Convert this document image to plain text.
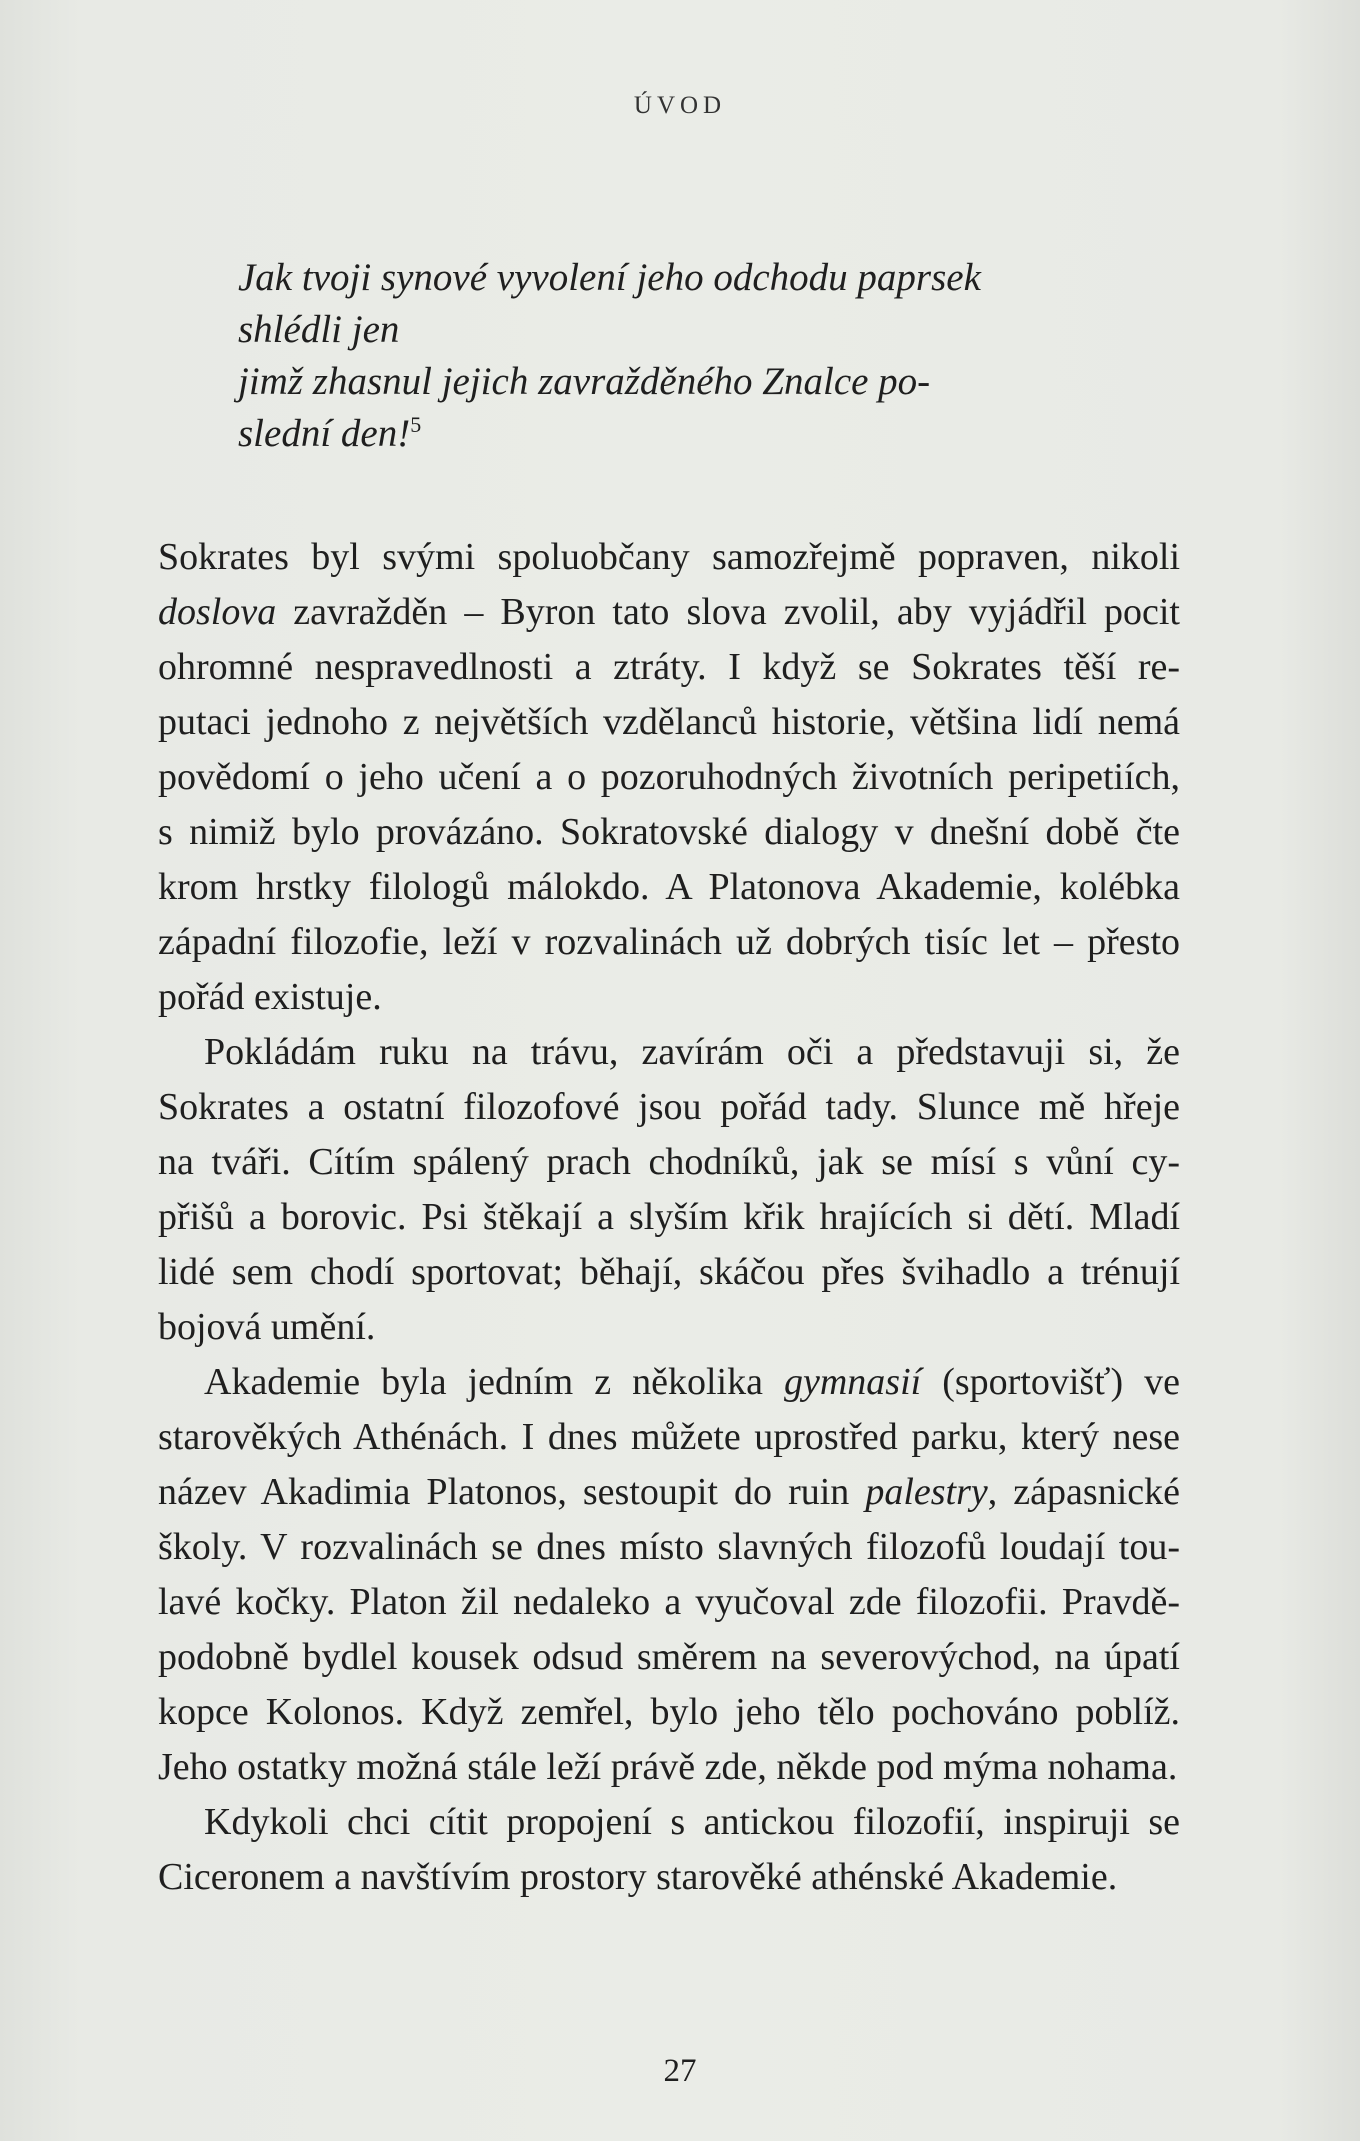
ÚVOD
Jak tvoji synové vyvolení jeho odchodu paprsek
shlédli jen
jimž zhasnul jejich zavražděného Znalce po-
slední den!$^5$

Sokrates byl svými spoluobčany samozřejmě popraven, nikoli
doslova zavražděn – Byron tato slova zvolil, aby vyjádřil pocit
ohromné nespravedlnosti a ztráty. I když se Sokrates těší re-
putaci jednoho z největších vzdělanců historie, většina lidí nemá
povědomí o jeho učení a o pozoruhodných životních peripetiích,
s nimiž bylo provázáno. Sokratovské dialogy v dnešní době čte
krom hrstky filologů málokdo. A Platonova Akademie, kolébka
západní filozofie, leží v rozvalinách už dobrých tisíc let – přesto
pořád existuje.

Pokládám ruku na trávu, zavírám oči a představuji si, že
Sokrates a ostatní filozofové jsou pořád tady. Slunce mě hřeje
na tváři. Cítím spálený prach chodníků, jak se mísí s vůní cy-
přišů a borovic. Psi štěkají a slyším křik hrajících si dětí. Mladí
lidé sem chodí sportovat; běhají, skáčou přes švihadlo a trénují
bojová umění.

Akademie byla jedním z několika gymnasií (sportovišť) ve
starověkých Athénách. I dnes můžete uprostřed parku, který nese
název Akadimia Platonos, sestoupit do ruin palestry, zápasnické
školy. V rozvalinách se dnes místo slavných filozofů loudají tou-
lavé kočky. Platon žil nedaleko a vyučoval zde filozofii. Pravdě-
podobně bydlel kousek odsud směrem na severovýchod, na úpatí
kopce Kolonos. Když zemřel, bylo jeho tělo pochováno poblíž.
Jeho ostatky možná stále leží právě zde, někde pod mýma nohama.

Kdykoli chci cítit propojení s antickou filozofií, inspiruji se
Ciceronem a navštívím prostory starověké athénské Akademie.

27
